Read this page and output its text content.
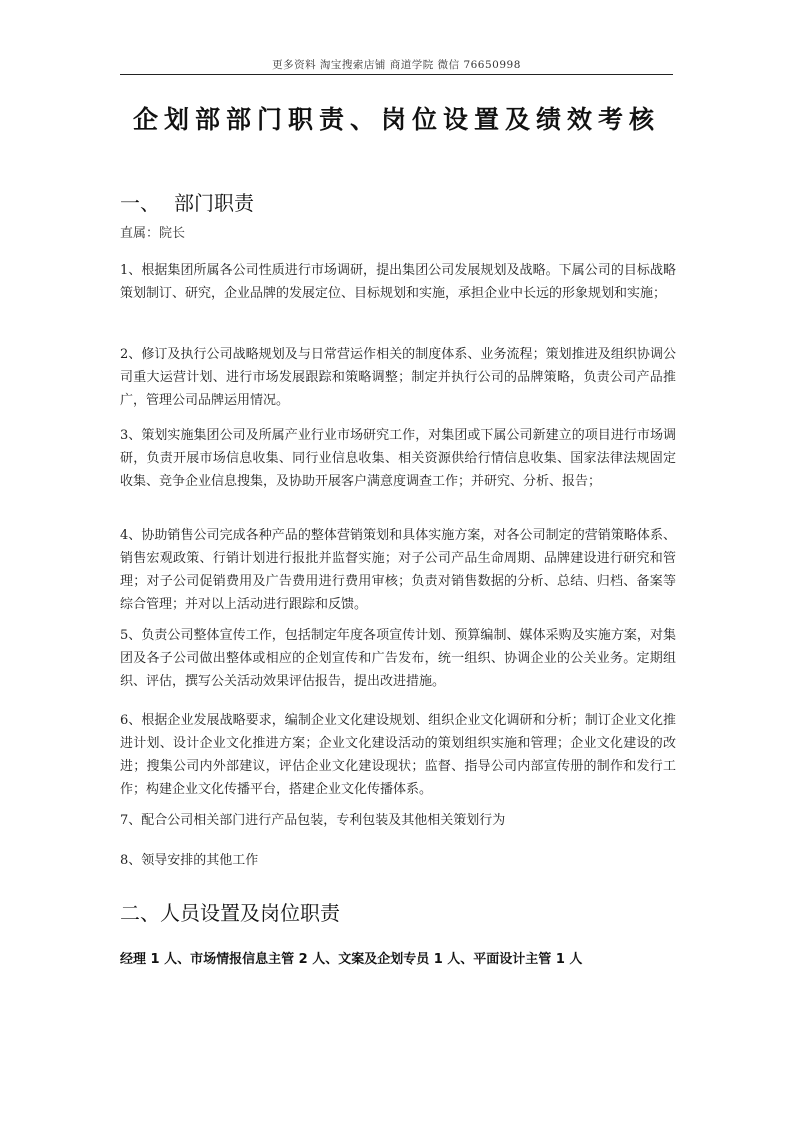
更多资料 淘宝搜索店铺 商道学院 微信 76650998
企划部部门职责、岗位设置及绩效考核
一、 部门职责
直属：院长
1、根据集团所属各公司性质进行市场调研，提出集团公司发展规划及战略。下属公司的目标战略策划制订、研究，企业品牌的发展定位、目标规划和实施，承担企业中长远的形象规划和实施；
2、修订及执行公司战略规划及与日常营运作相关的制度体系、业务流程；策划推进及组织协调公司重大运营计划、进行市场发展跟踪和策略调整；制定并执行公司的品牌策略，负责公司产品推广，管理公司品牌运用情况。
3、策划实施集团公司及所属产业行业市场研究工作，对集团或下属公司新建立的项目进行市场调研，负责开展市场信息收集、同行业信息收集、相关资源供给行情信息收集、国家法律法规固定收集、竞争企业信息搜集，及协助开展客户满意度调查工作；并研究、分析、报告；
4、协助销售公司完成各种产品的整体营销策划和具体实施方案，对各公司制定的营销策略体系、销售宏观政策、行销计划进行报批并监督实施；对子公司产品生命周期、品牌建设进行研究和管理；对子公司促销费用及广告费用进行费用审核；负责对销售数据的分析、总结、归档、备案等综合管理；并对以上活动进行跟踪和反馈。
5、负责公司整体宣传工作，包括制定年度各项宣传计划、预算编制、媒体采购及实施方案，对集团及各子公司做出整体或相应的企划宣传和广告发布，统一组织、协调企业的公关业务。定期组织、评估，撰写公关活动效果评估报告，提出改进措施。
6、根据企业发展战略要求，编制企业文化建设规划、组织企业文化调研和分析；制订企业文化推进计划、设计企业文化推进方案；企业文化建设活动的策划组织实施和管理；企业文化建设的改进；搜集公司内外部建议，评估企业文化建设现状；监督、指导公司内部宣传册的制作和发行工作；构建企业文化传播平台，搭建企业文化传播体系。
7、配合公司相关部门进行产品包装，专利包装及其他相关策划行为
8、领导安排的其他工作
二、人员设置及岗位职责
经理 1 人、市场情报信息主管 2 人、文案及企划专员 1 人、平面设计主管 1 人
